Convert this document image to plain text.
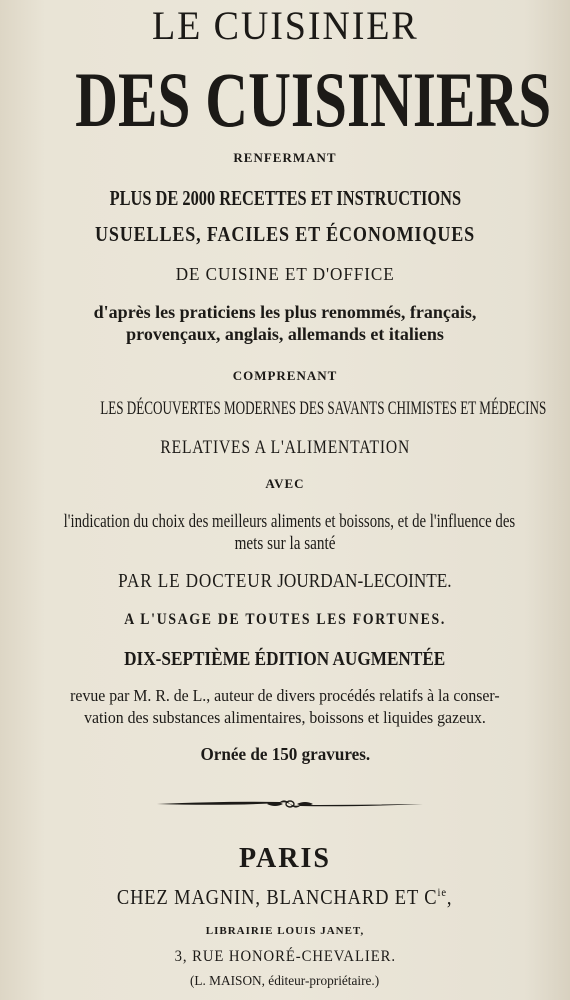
LE CUISINIER
DES CUISINIERS
RENFERMANT
PLUS DE 2000 RECETTES ET INSTRUCTIONS
USUELLES, FACILES ET ÉCONOMIQUES
DE CUISINE ET D'OFFICE
d'après les praticiens les plus renommés, français,
provençaux, anglais, allemands et italiens
COMPRENANT
LES DÉCOUVERTES MODERNES DES SAVANTS CHIMISTES ET MÉDECINS
RELATIVES A L'ALIMENTATION
AVEC
l'indication du choix des meilleurs aliments et boissons, et de l'influence des
mets sur la santé
PAR LE DOCTEUR JOURDAN-LECOINTE.
A L'USAGE DE TOUTES LES FORTUNES.
DIX-SEPTIÈME ÉDITION AUGMENTÉE
revue par M. R. de L., auteur de divers procédés relatifs à la conser-
vation des substances alimentaires, boissons et liquides gazeux.
Ornée de 150 gravures.
PARIS
CHEZ MAGNIN, BLANCHARD ET $C^{ie}$,
LIBRAIRIE LOUIS JANET,
3, RUE HONORÉ-CHEVALIER.
(L. MAISON, éditeur-propriétaire.)
